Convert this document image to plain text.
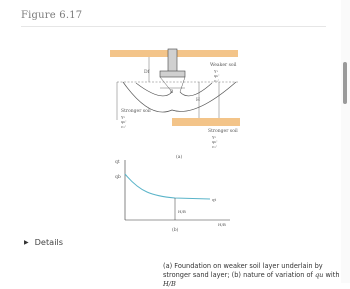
Figure 6.17
Df
B
H
Weaker soil
γ₁
φ₁'
c₁'
Stronger soil
γ₂
φ₂'
c₂'
Stronger soil
γ₂
φ₂'
c₂'
(a)
qt
qb
H/B
qt
H/B
(b)
▶ Details
(a) Foundation on weaker soil layer underlain by stronger sand layer; (b) nature of variation of qu with H/B
